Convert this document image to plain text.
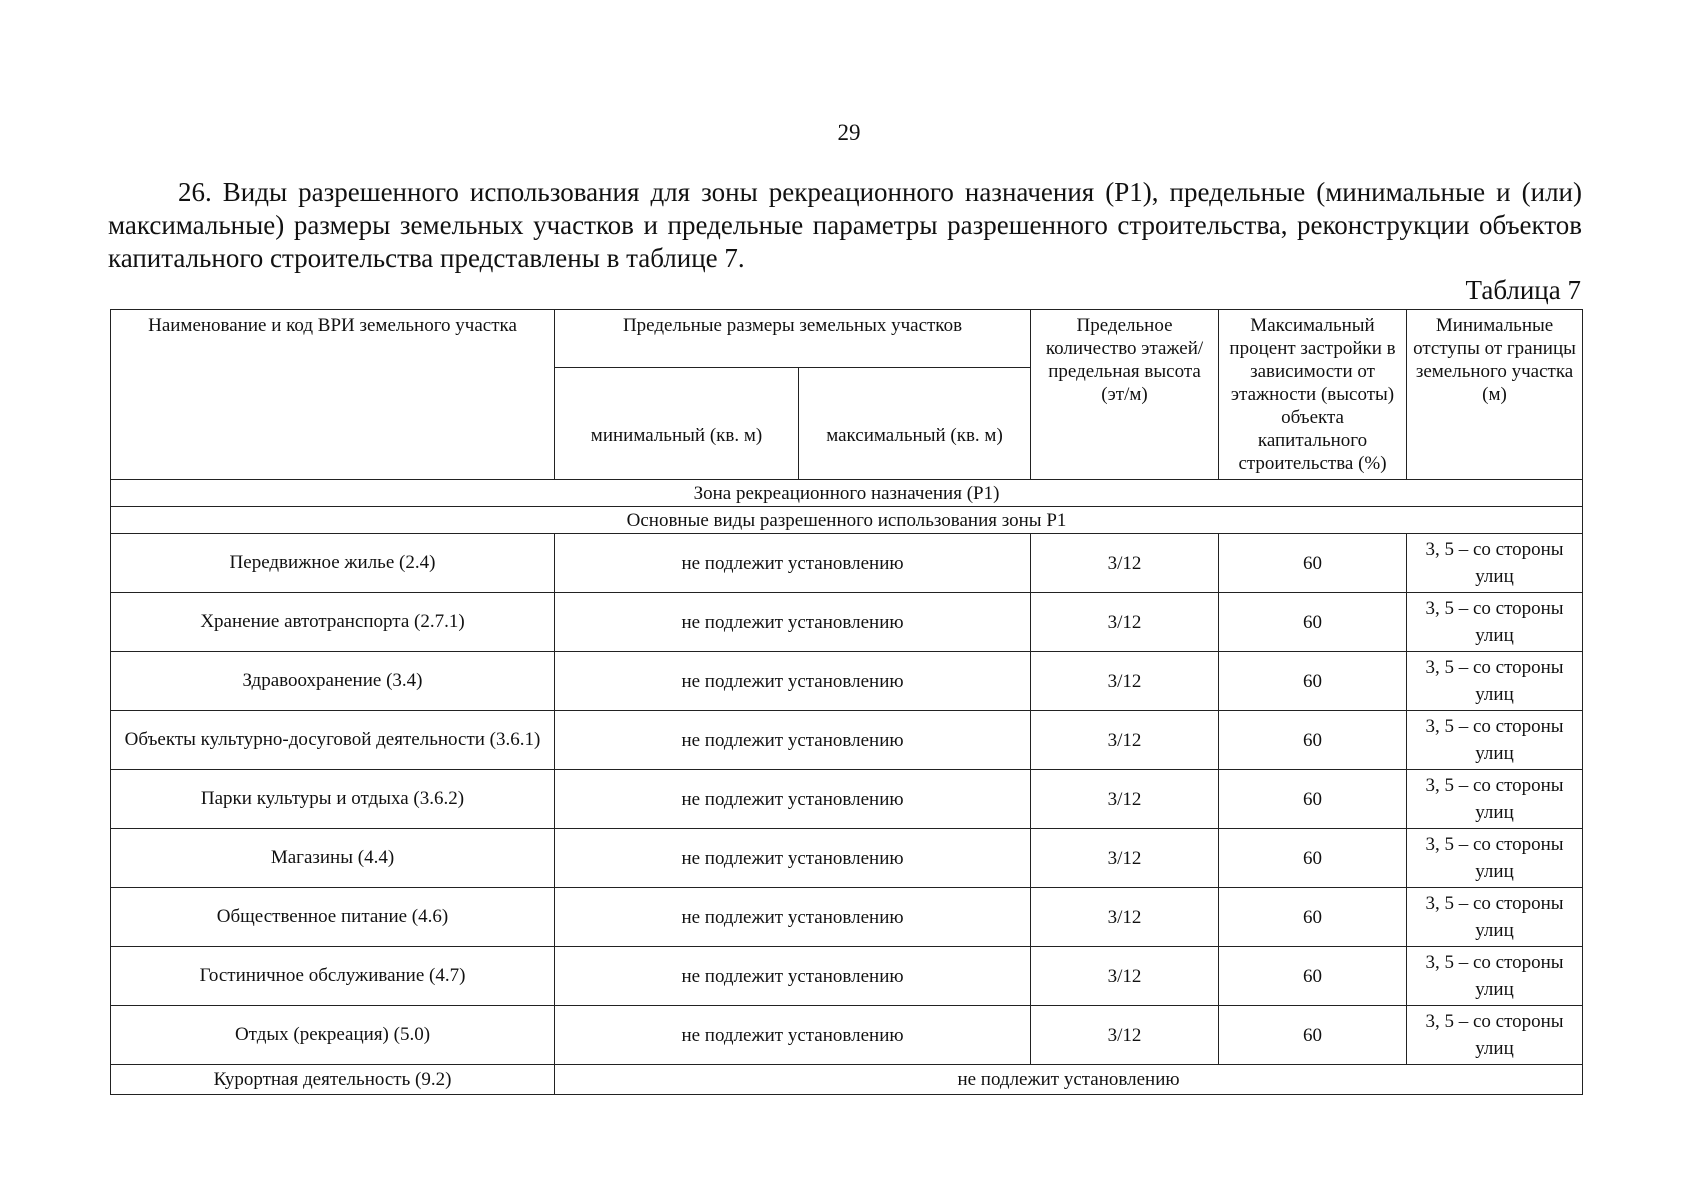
29

26. Виды разрешенного использования для зоны рекреационного назначения (Р1), предельные (минимальные и (или) максимальные) размеры земельных участков и предельные параметры разрешенного строительства, реконструкции объектов капитального строительства представлены в таблице 7.

Таблица 7
Наименование и код ВРИ земельного участка	Предельные размеры земельных участков		Предельное количество этажей/ предельная высота (эт/м)	Максимальный процент застройки в зависимости от этажности (высоты) объекта капитального строительства (%)	Минимальные отступы от границы земельного участка (м)
	минимальный (кв. м)	максимальный (кв. м)			
Зона рекреационного назначения (Р1)					
Основные виды разрешенного использования зоны Р1					
Передвижное жилье (2.4)	не подлежит установлению		3/12	60	3, 5 – со стороны улиц
Хранение автотранспорта (2.7.1)	не подлежит установлению		3/12	60	3, 5 – со стороны улиц
Здравоохранение (3.4)	не подлежит установлению		3/12	60	3, 5 – со стороны улиц
Объекты культурно-досуговой деятельности (3.6.1)	не подлежит установлению		3/12	60	3, 5 – со стороны улиц
Парки культуры и отдыха (3.6.2)	не подлежит установлению		3/12	60	3, 5 – со стороны улиц
Магазины (4.4)	не подлежит установлению		3/12	60	3, 5 – со стороны улиц
Общественное питание (4.6)	не подлежит установлению		3/12	60	3, 5 – со стороны улиц
Гостиничное обслуживание (4.7)	не подлежит установлению		3/12	60	3, 5 – со стороны улиц
Отдых (рекреация) (5.0)	не подлежит установлению		3/12	60	3, 5 – со стороны улиц
Курортная деятельность (9.2)	не подлежит установлению				
